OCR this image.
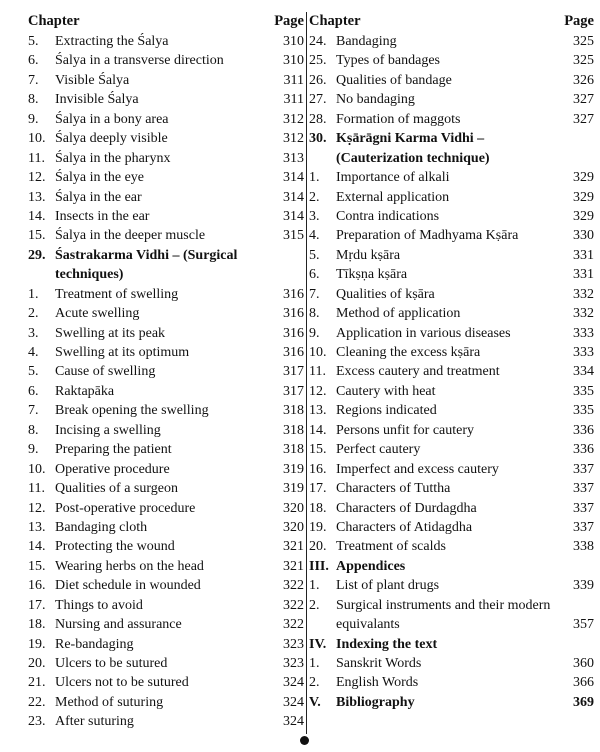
Chapter	Page
5.	Extracting the Śalya	310
6.	Śalya in a transverse direction	310
7.	Visible Śalya	311
8.	Invisible Śalya	311
9.	Śalya in a bony area	312
10. Śalya deeply visible	312
11. Śalya in the pharynx	313
12. Śalya in the eye	314
13. Śalya in the ear	314
14. Insects in the ear	314
15. Śalya in the deeper muscle	315
29. Śastrakarma Vidhi – (Surgical techniques)
1.	Treatment of swelling	316
2.	Acute swelling	316
3.	Swelling at its peak	316
4.	Swelling at its optimum	316
5.	Cause of swelling	317
6.	Raktapāka	317
7.	Break opening the swelling	318
8.	Incising a swelling	318
9.	Preparing the patient	318
10. Operative procedure	319
11. Qualities of a surgeon	319
12. Post-operative procedure	320
13. Bandaging cloth	320
14. Protecting the wound	321
15. Wearing herbs on the head	321
16. Diet schedule in wounded	322
17. Things to avoid	322
18. Nursing and assurance	322
19. Re-bandaging	323
20. Ulcers to be sutured	323
21. Ulcers not to be sutured	324
22. Method of suturing	324
23. After suturing	324
Chapter	Page
24. Bandaging	325
25. Types of bandages	325
26. Qualities of bandage	326
27. No bandaging	327
28. Formation of maggots	327
30. Kṣārāgni Karma Vidhi – (Cauterization technique)
1.	Importance of alkali	329
2.	External application	329
3.	Contra indications	329
4.	Preparation of Madhyama Kṣāra	330
5.	Mṛdu kṣāra	331
6.	Tīkṣṇa kṣāra	331
7.	Qualities of kṣāra	332
8.	Method of application	332
9.	Application in various diseases	333
10. Cleaning the excess kṣāra	333
11. Excess cautery and treatment	334
12. Cautery with heat	335
13. Regions indicated	335
14. Persons unfit for cautery	336
15. Perfect cautery	336
16. Imperfect and excess cautery	337
17. Characters of Tuttha	337
18. Characters of Durdagdha	337
19. Characters of Atidagdha	337
20. Treatment of scalds	338
III. Appendices
1.	List of plant drugs	339
2.	Surgical instruments and their modern equivalants	357
IV. Indexing the text
1.	Sanskrit Words	360
2.	English Words	366
V.	Bibliography	369
